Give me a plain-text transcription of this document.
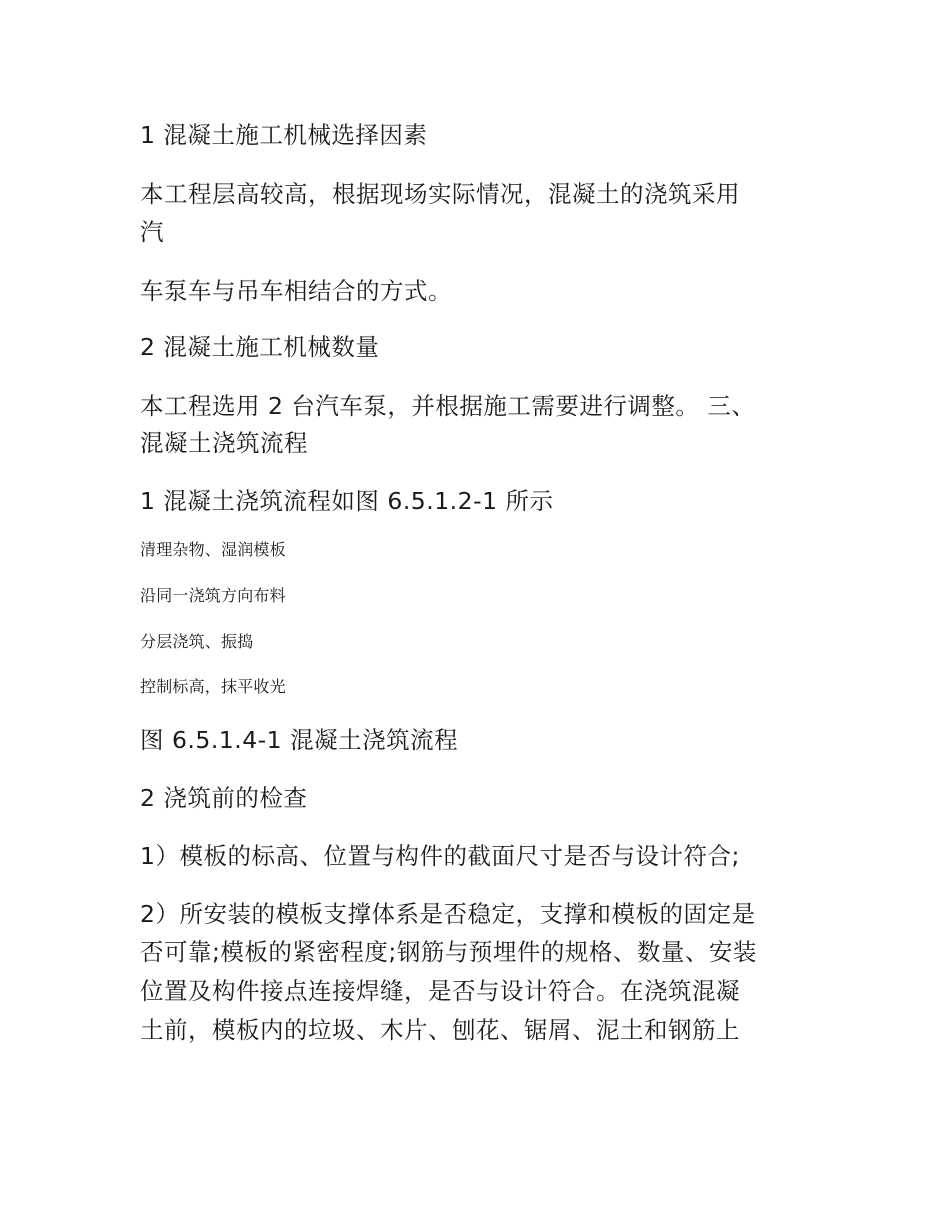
1 混凝土施工机械选择因素
本工程层高较高，根据现场实际情况，混凝土的浇筑采用
汽
车泵车与吊车相结合的方式。
2 混凝土施工机械数量
本工程选用 2 台汽车泵，并根据施工需要进行调整。 三、
混凝土浇筑流程
1 混凝土浇筑流程如图 6.5.1.2-1 所示
清理杂物、湿润模板
沿同一浇筑方向布料
分层浇筑、振捣
控制标高，抹平收光
图 6.5.1.4-1 混凝土浇筑流程
2 浇筑前的检查
1）模板的标高、位置与构件的截面尺寸是否与设计符合;
2）所安装的模板支撑体系是否稳定，支撑和模板的固定是
否可靠;模板的紧密程度;钢筋与预埋件的规格、数量、安装
位置及构件接点连接焊缝，是否与设计符合。在浇筑混凝
土前，模板内的垃圾、木片、刨花、锯屑、泥土和钢筋上
